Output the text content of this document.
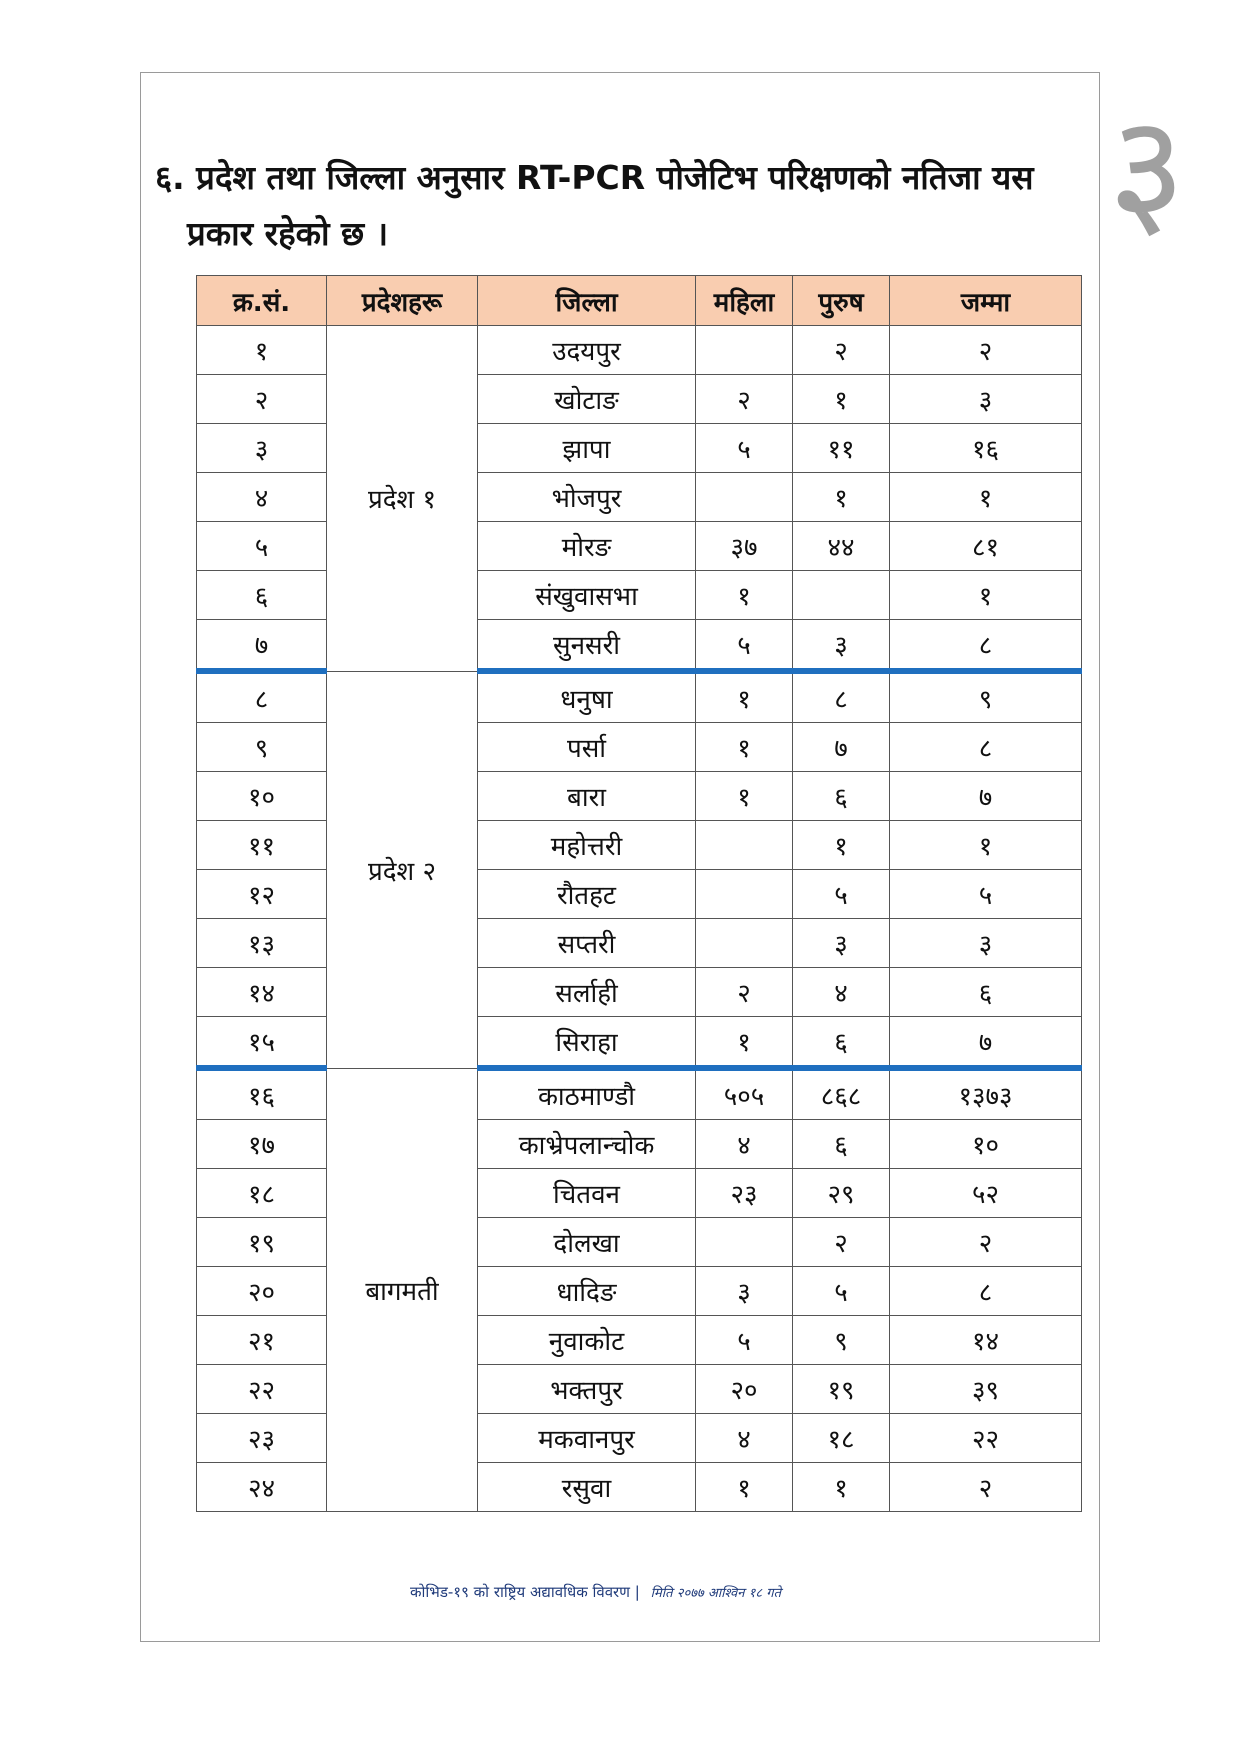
३
६. प्रदेश तथा जिल्ला अनुसार RT-PCR पोजेटिभ परिक्षणको नतिजा यस
प्रकार रहेको छ ।
क्र.सं.	प्रदेशहरू	जिल्ला	महिला	पुरुष	जम्मा
१	प्रदेश १	उदयपुर		२	२
२		खोटाङ	२	१	३
३		झापा	५	११	१६
४		भोजपुर		१	१
५		मोरङ	३७	४४	८१
६		संखुवासभा	१		१
७		सुनसरी	५	३	८
८	प्रदेश २	धनुषा	१	८	९
९		पर्सा	१	७	८
१०		बारा	१	६	७
११		महोत्तरी		१	१
१२		रौतहट		५	५
१३		सप्तरी		३	३
१४		सर्लाही	२	४	६
१५		सिराहा	१	६	७
१६	बागमती	काठमाण्डौ	५०५	८६८	१३७३
१७		काभ्रेपलान्चोक	४	६	१०
१८		चितवन	२३	२९	५२
१९		दोलखा		२	२
२०		धादिङ	३	५	८
२१		नुवाकोट	५	९	१४
२२		भक्तपुर	२०	१९	३९
२३		मकवानपुर	४	१८	२२
२४		रसुवा	१	१	२
कोभिड-१९ को राष्ट्रिय अद्यावधिक विवरण | मिति २०७७ आश्विन १८ गते
